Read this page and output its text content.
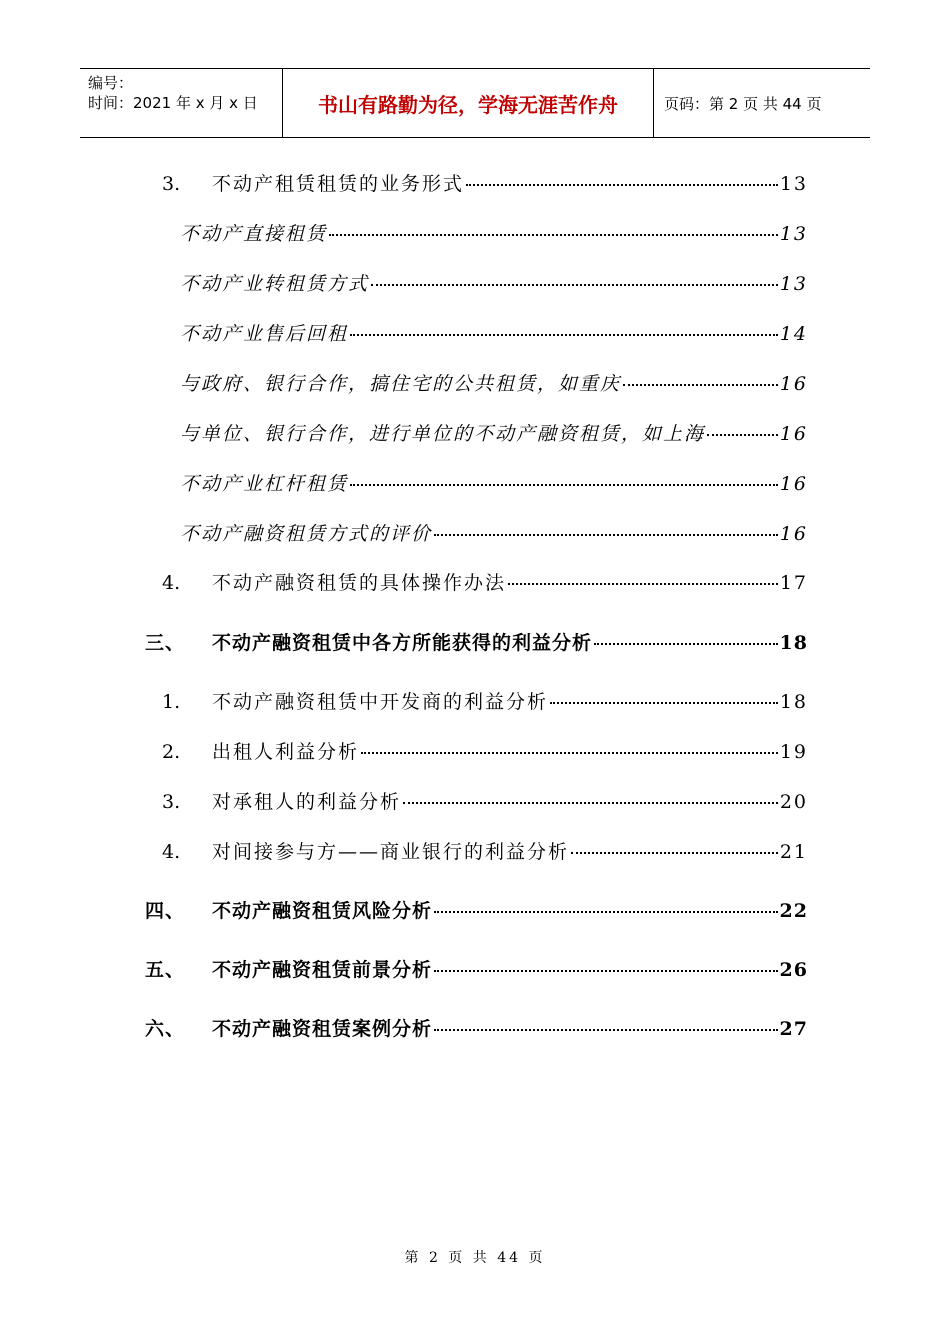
编号：
时间：2021 年 x 月 x 日	书山有路勤为径，学海无涯苦作舟	页码：第 2 页 共 44 页
3.	不动产租赁租赁的业务形式	13
不动产直接租赁	13
不动产业转租赁方式	13
不动产业售后回租	14
与政府、银行合作，搞住宅的公共租赁，如重庆	16
与单位、银行合作，进行单位的不动产融资租赁，如上海	16
不动产业杠杆租赁	16
不动产融资租赁方式的评价	16
4.	不动产融资租赁的具体操作办法	17
三、	不动产融资租赁中各方所能获得的利益分析	18
1.	不动产融资租赁中开发商的利益分析	18
2.	出租人利益分析	19
3.	对承租人的利益分析	20
4.	对间接参与方——商业银行的利益分析	21
四、	不动产融资租赁风险分析	22
五、	不动产融资租赁前景分析	26
六、	不动产融资租赁案例分析	27
第 2 页 共 44 页
